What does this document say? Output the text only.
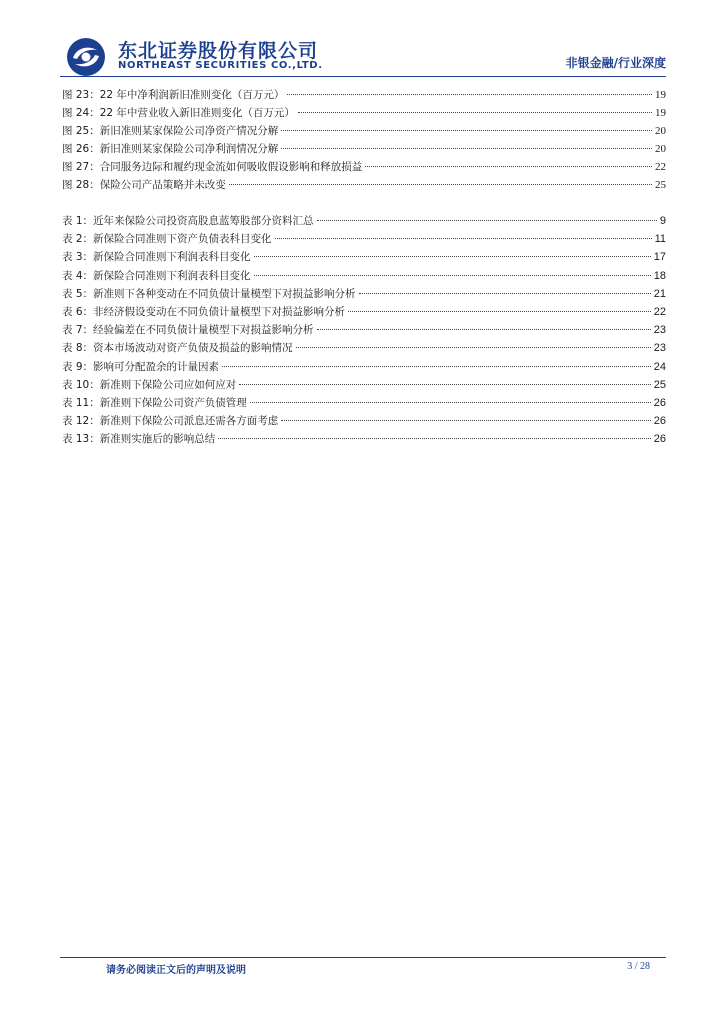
东北证券股份有限公司
NORTHEAST SECURITIES CO.,LTD.	非银金融/行业深度
图 23：22 年中净利润新旧准则变化（百万元）	19
图 24：22 年中营业收入新旧准则变化（百万元）	19
图 25：新旧准则某家保险公司净资产情况分解	20
图 26：新旧准则某家保险公司净利润情况分解	20
图 27：合同服务边际和履约现金流如何吸收假设影响和释放损益	22
图 28：保险公司产品策略并未改变	25
表 1：近年来保险公司投资高股息蓝筹股部分资料汇总	9
表 2：新保险合同准则下资产负债表科目变化	11
表 3：新保险合同准则下利润表科目变化	17
表 4：新保险合同准则下利润表科目变化	18
表 5：新准则下各种变动在不同负债计量模型下对损益影响分析	21
表 6：非经济假设变动在不同负债计量模型下对损益影响分析	22
表 7：经验偏差在不同负债计量模型下对损益影响分析	23
表 8：资本市场波动对资产负债及损益的影响情况	23
表 9：影响可分配盈余的计量因素	24
表 10：新准则下保险公司应如何应对	25
表 11：新准则下保险公司资产负债管理	26
表 12：新准则下保险公司派息还需各方面考虑	26
表 13：新准则实施后的影响总结	26
请务必阅读正文后的声明及说明	3 / 28
